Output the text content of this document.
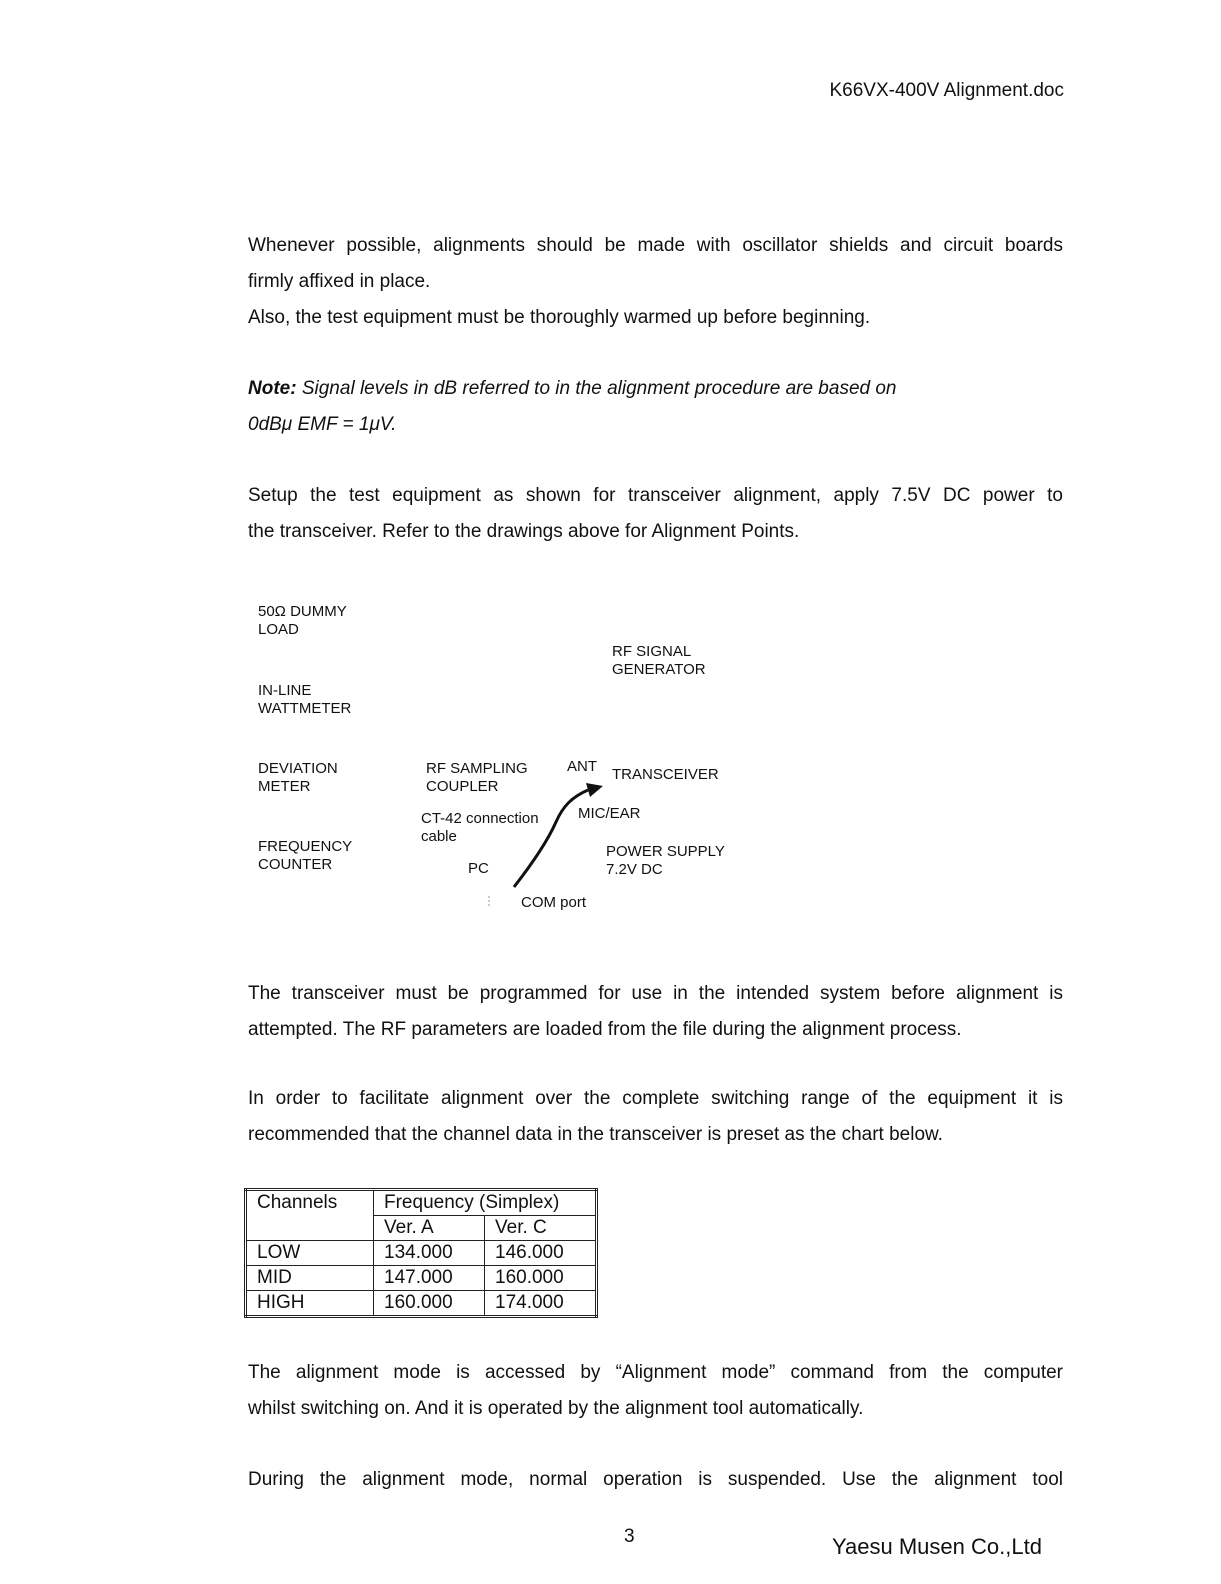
K66VX-400V Alignment.doc
Whenever possible, alignments should be made with oscillator shields and circuit boards
firmly affixed in place.
Also, the test equipment must be thoroughly warmed up before beginning.
Note: Signal levels in dB referred to in the alignment procedure are based on
0dBμ EMF = 1μV.
Setup the test equipment as shown for transceiver alignment, apply 7.5V DC power to
the transceiver. Refer to the drawings above for Alignment Points.
50Ω DUMMY
LOAD
RF SIGNAL
GENERATOR
IN-LINE
WATTMETER
DEVIATION
METER
RF SAMPLING
COUPLER
ANT TRANSCEIVER
CT-42 connection
cable
MIC/EAR
FREQUENCY
COUNTER	PC
POWER SUPPLY
7.2V DC
COM port
The transceiver must be programmed for use in the intended system before alignment is
attempted. The RF parameters are loaded from the file during the alignment process.
In order to facilitate alignment over the complete switching range of the equipment it is
recommended that the channel data in the transceiver is preset as the chart below.
Channels	Frequency (Simplex)	
	Ver. A	Ver. C
LOW	134.000	146.000
MID	147.000	160.000
HIGH	160.000	174.000
The alignment mode is accessed by “Alignment mode” command from the computer
whilst switching on. And it is operated by the alignment tool automatically.
During the alignment mode, normal operation is suspended. Use the alignment tool
3	Yaesu Musen Co.,Ltd
